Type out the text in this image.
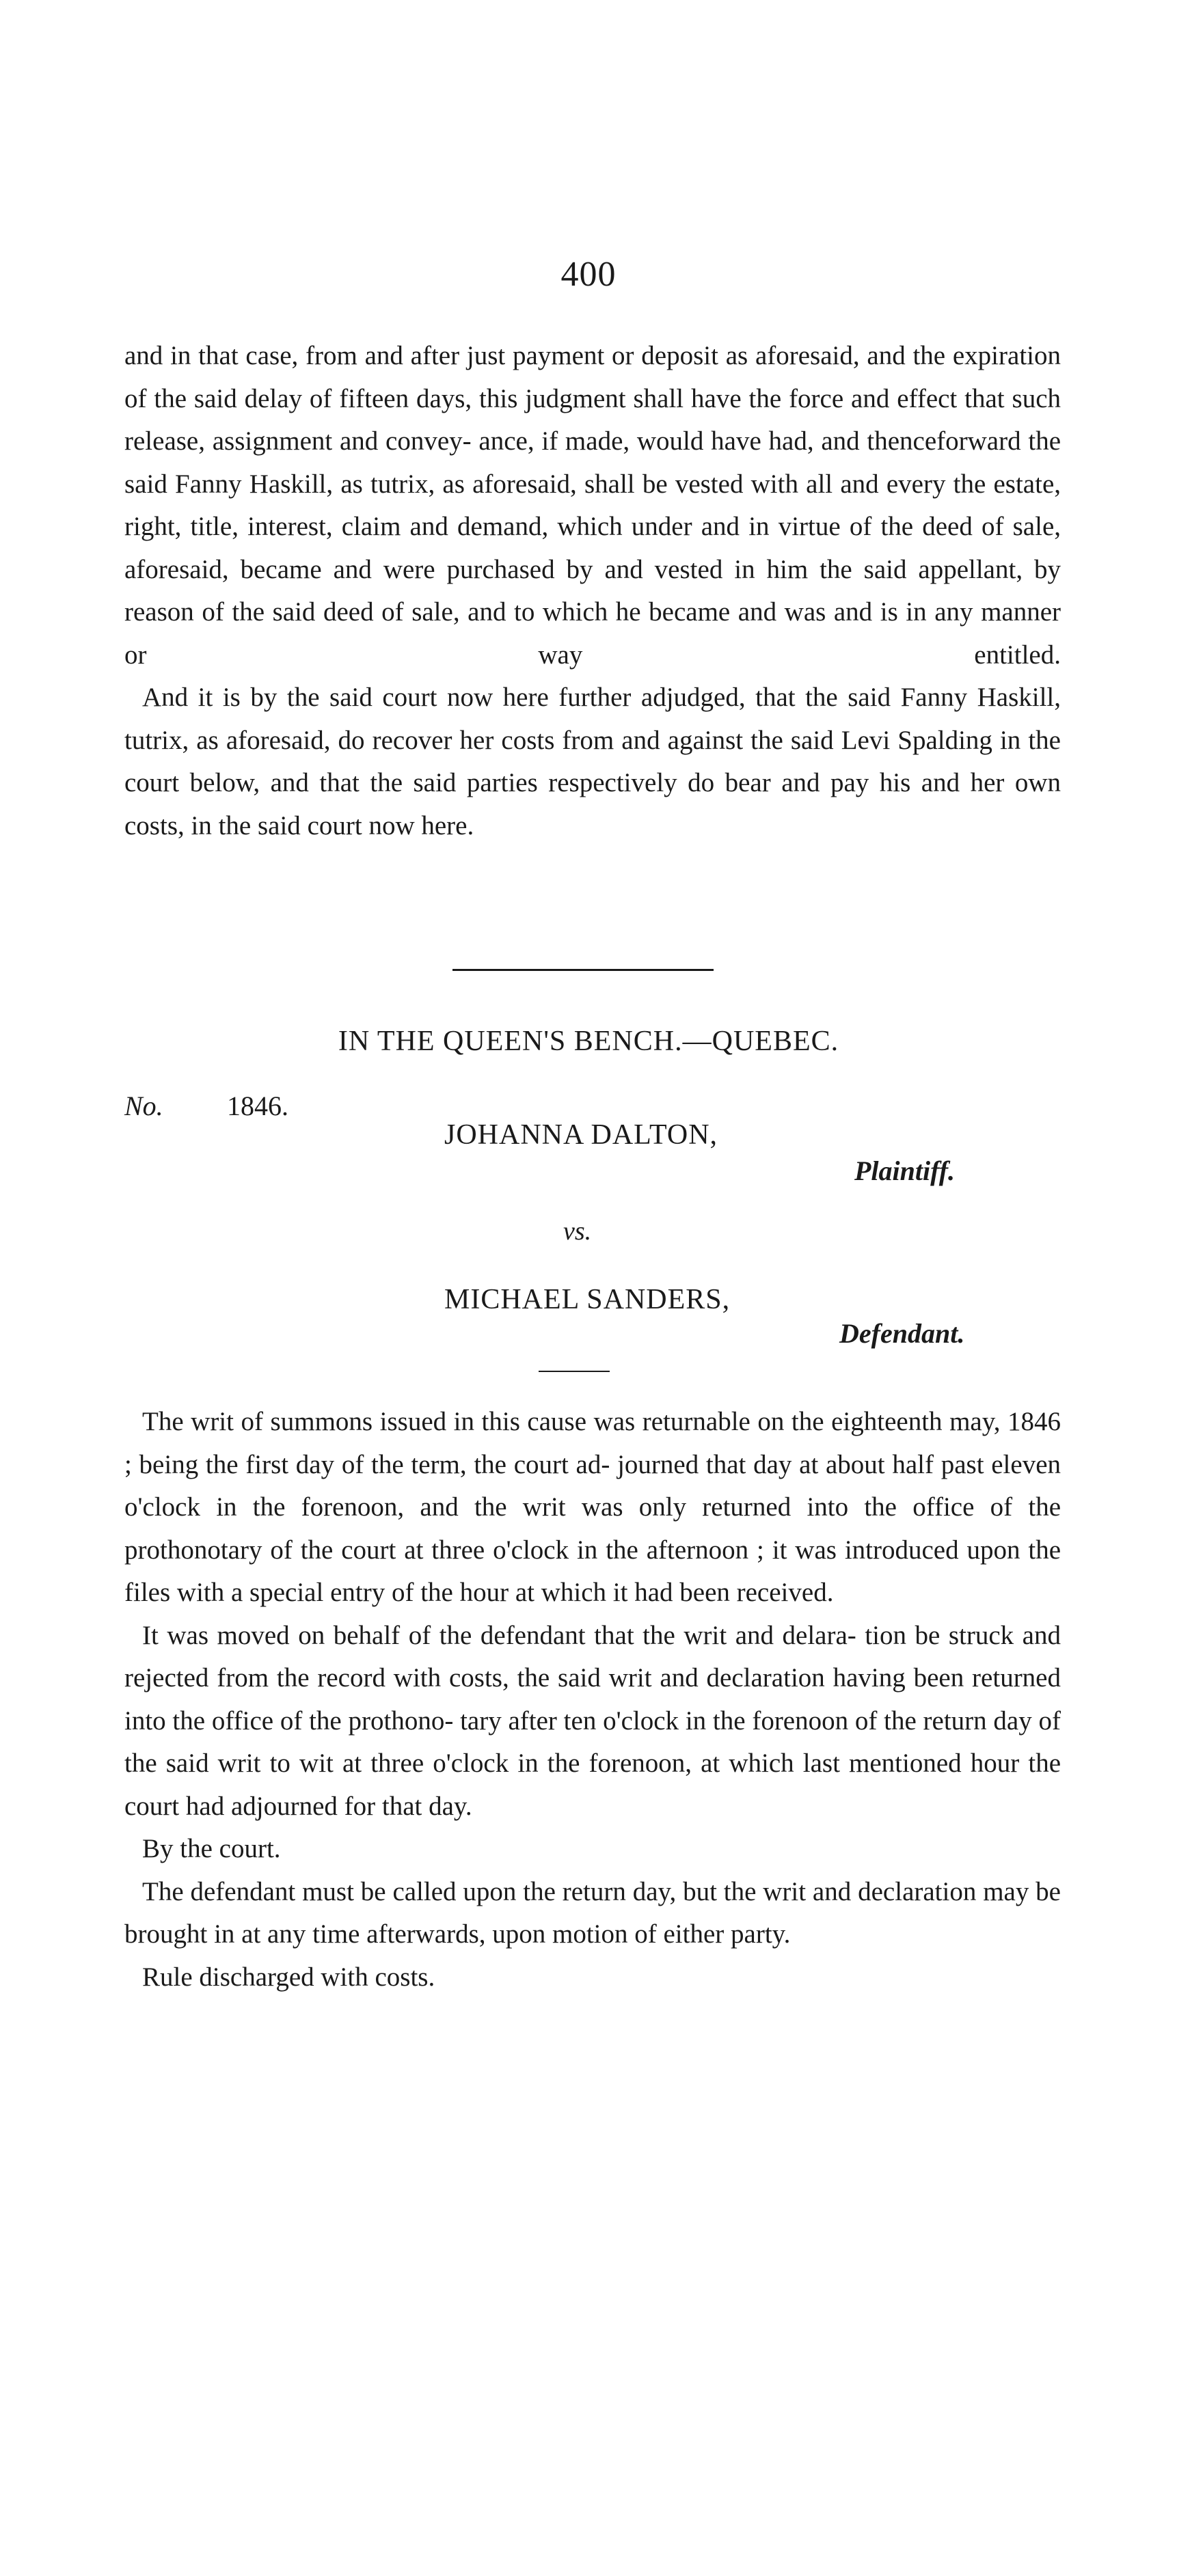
400

and in that case, from and after just payment or deposit as aforesaid, and the expiration of the said delay of fifteen days, this judgment shall have the force and effect that such release, assignment and convey- ance, if made, would have had, and thenceforward the said Fanny Haskill, as tutrix, as aforesaid, shall be vested with all and every the estate, right, title, interest, claim and demand, which under and in virtue of the deed of sale, aforesaid, became and were purchased by and vested in him the said appellant, by reason of the said deed of sale, and to which he became and was and is in any manner or way entitled.

And it is by the said court now here further adjudged, that the said Fanny Haskill, tutrix, as aforesaid, do recover her costs from and against the said Levi Spalding in the court below, and that the said parties respectively do bear and pay his and her own costs, in the said court now here.

IN THE QUEEN'S BENCH.—QUEBEC.
No. 1846.
JOHANNA DALTON,
Plaintiff.
vs.
MICHAEL SANDERS,
Defendant.

The writ of summons issued in this cause was returnable on the eighteenth may, 1846 ; being the first day of the term, the court ad- journed that day at about half past eleven o'clock in the forenoon, and the writ was only returned into the office of the prothonotary of the court at three o'clock in the afternoon ; it was introduced upon the files with a special entry of the hour at which it had been received.

It was moved on behalf of the defendant that the writ and delara- tion be struck and rejected from the record with costs, the said writ and declaration having been returned into the office of the prothono- tary after ten o'clock in the forenoon of the return day of the said writ to wit at three o'clock in the forenoon, at which last mentioned hour the court had adjourned for that day.

By the court.

The defendant must be called upon the return day, but the writ and declaration may be brought in at any time afterwards, upon motion of either party.

Rule discharged with costs.
